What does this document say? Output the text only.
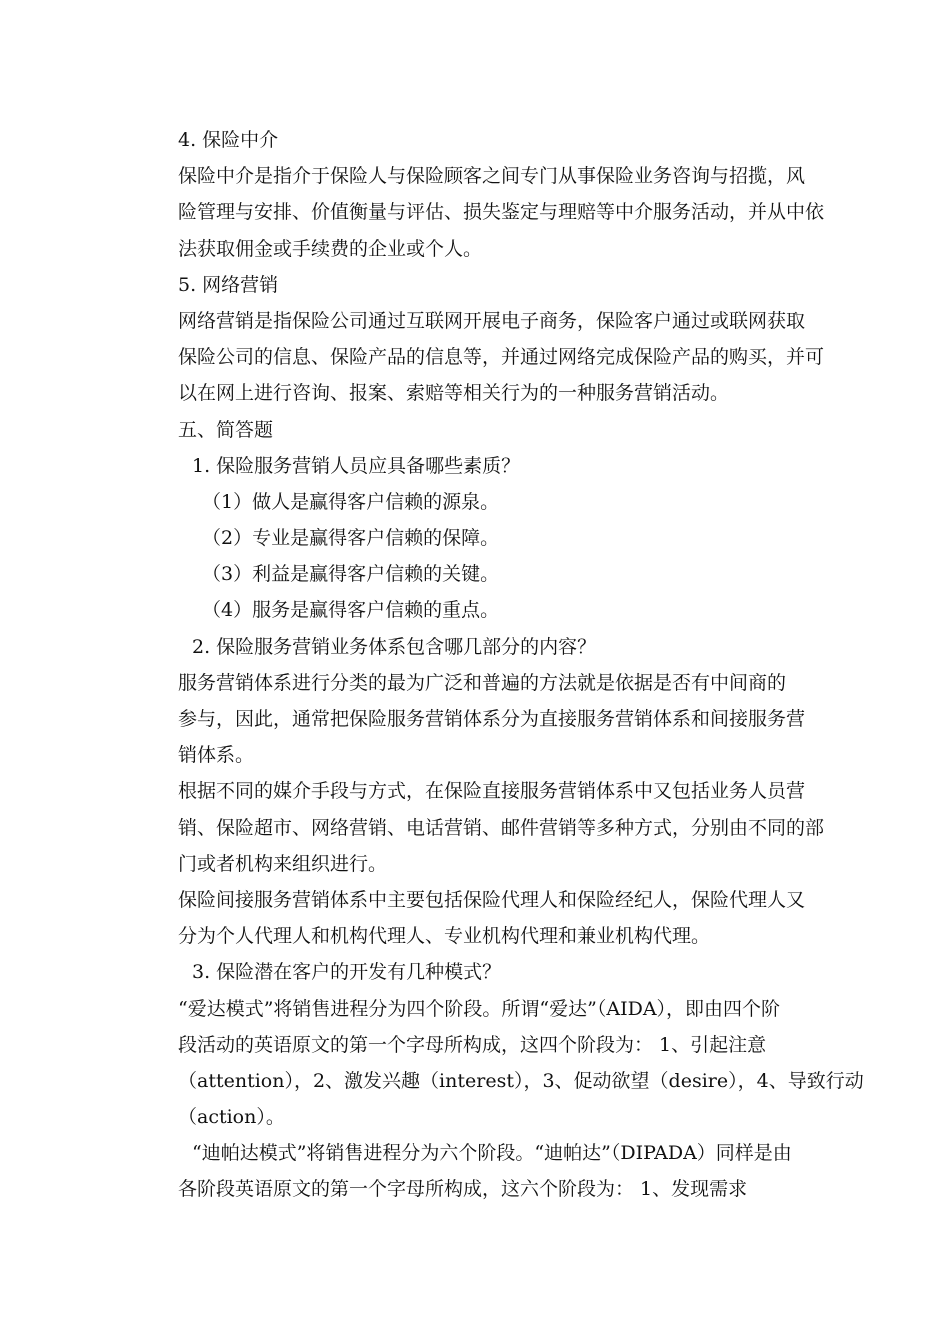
4. 保险中介
保险中介是指介于保险人与保险顾客之间专门从事保险业务咨询与招揽，风
险管理与安排、价值衡量与评估、损失鉴定与理赔等中介服务活动，并从中依
法获取佣金或手续费的企业或个人。
5. 网络营销
网络营销是指保险公司通过互联网开展电子商务，保险客户通过或联网获取
保险公司的信息、保险产品的信息等，并通过网络完成保险产品的购买，并可
以在网上进行咨询、报案、索赔等相关行为的一种服务营销活动。
五、简答题
1. 保险服务营销人员应具备哪些素质？
（1）做人是赢得客户信赖的源泉。
（2）专业是赢得客户信赖的保障。
（3）利益是赢得客户信赖的关键。
（4）服务是赢得客户信赖的重点。
2. 保险服务营销业务体系包含哪几部分的内容？
服务营销体系进行分类的最为广泛和普遍的方法就是依据是否有中间商的
参与，因此，通常把保险服务营销体系分为直接服务营销体系和间接服务营
销体系。
根据不同的媒介手段与方式，在保险直接服务营销体系中又包括业务人员营
销、保险超市、网络营销、电话营销、邮件营销等多种方式，分别由不同的部
门或者机构来组织进行。
保险间接服务营销体系中主要包括保险代理人和保险经纪人，保险代理人又
分为个人代理人和机构代理人、专业机构代理和兼业机构代理。
3. 保险潜在客户的开发有几种模式？
“爱达模式”将销售进程分为四个阶段。所谓“爱达”（AIDA），即由四个阶
段活动的英语原文的第一个字母所构成，这四个阶段为： 1、引起注意
（attention），2、激发兴趣（interest），3、促动欲望（desire），4、导致行动
（action）。
“迪帕达模式”将销售进程分为六个阶段。“迪帕达”（DIPADA）同样是由
各阶段英语原文的第一个字母所构成，这六个阶段为： 1、发现需求
